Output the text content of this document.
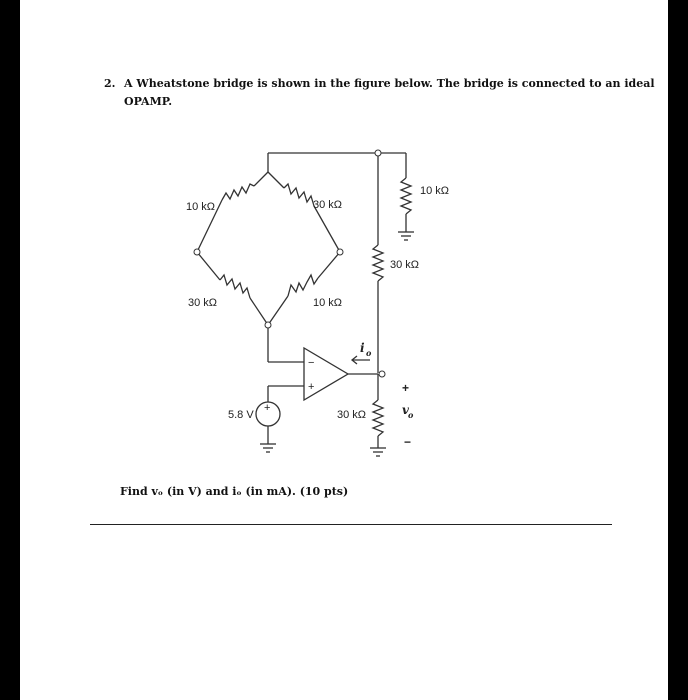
2. A Wheatstone bridge is shown in the figure below. The bridge is connected to an ideal
OPAMP.
Find vₒ (in V) and iₒ (in mA). (10 pts)
−
+
+
i o
10 kΩ	30 kΩ
30 kΩ	10 kΩ
10 kΩ
30 kΩ
30 kΩ
5.8 V
+
v o
−
